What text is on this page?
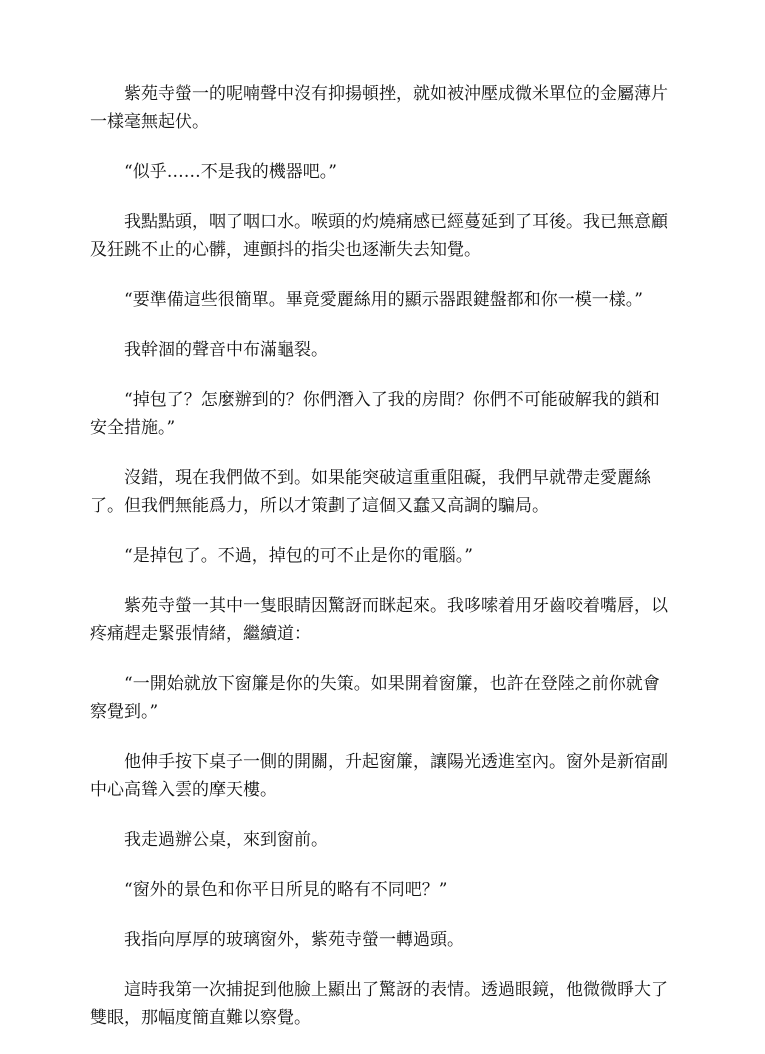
紫苑寺螢一的呢喃聲中沒有抑揚頓挫，就如被沖壓成微米單位的金屬薄片一樣毫無起伏。

“似乎……不是我的機器吧。”

我點點頭，咽了咽口水。喉頭的灼燒痛感已經蔓延到了耳後。我已無意顧及狂跳不止的心髒，連顫抖的指尖也逐漸失去知覺。

“要準備這些很簡單。畢竟愛麗絲用的顯示器跟鍵盤都和你一模一樣。”

我幹涸的聲音中布滿龜裂。

“掉包了？怎麼辦到的？你們潛入了我的房間？你們不可能破解我的鎖和安全措施。”

沒錯，現在我們做不到。如果能突破這重重阻礙，我們早就帶走愛麗絲了。但我們無能爲力，所以才策劃了這個又蠢又高調的騙局。

“是掉包了。不過，掉包的可不止是你的電腦。”

紫苑寺螢一其中一隻眼睛因驚訝而眯起來。我哆嗦着用牙齒咬着嘴唇，以疼痛趕走緊張情緒，繼續道：

“一開始就放下窗簾是你的失策。如果開着窗簾，也許在登陸之前你就會察覺到。”

他伸手按下桌子一側的開關，升起窗簾，讓陽光透進室內。窗外是新宿副中心高聳入雲的摩天樓。

我走過辦公桌，來到窗前。

“窗外的景色和你平日所見的略有不同吧？”

我指向厚厚的玻璃窗外，紫苑寺螢一轉過頭。

這時我第一次捕捉到他臉上顯出了驚訝的表情。透過眼鏡，他微微睜大了雙眼，那幅度簡直難以察覺。
